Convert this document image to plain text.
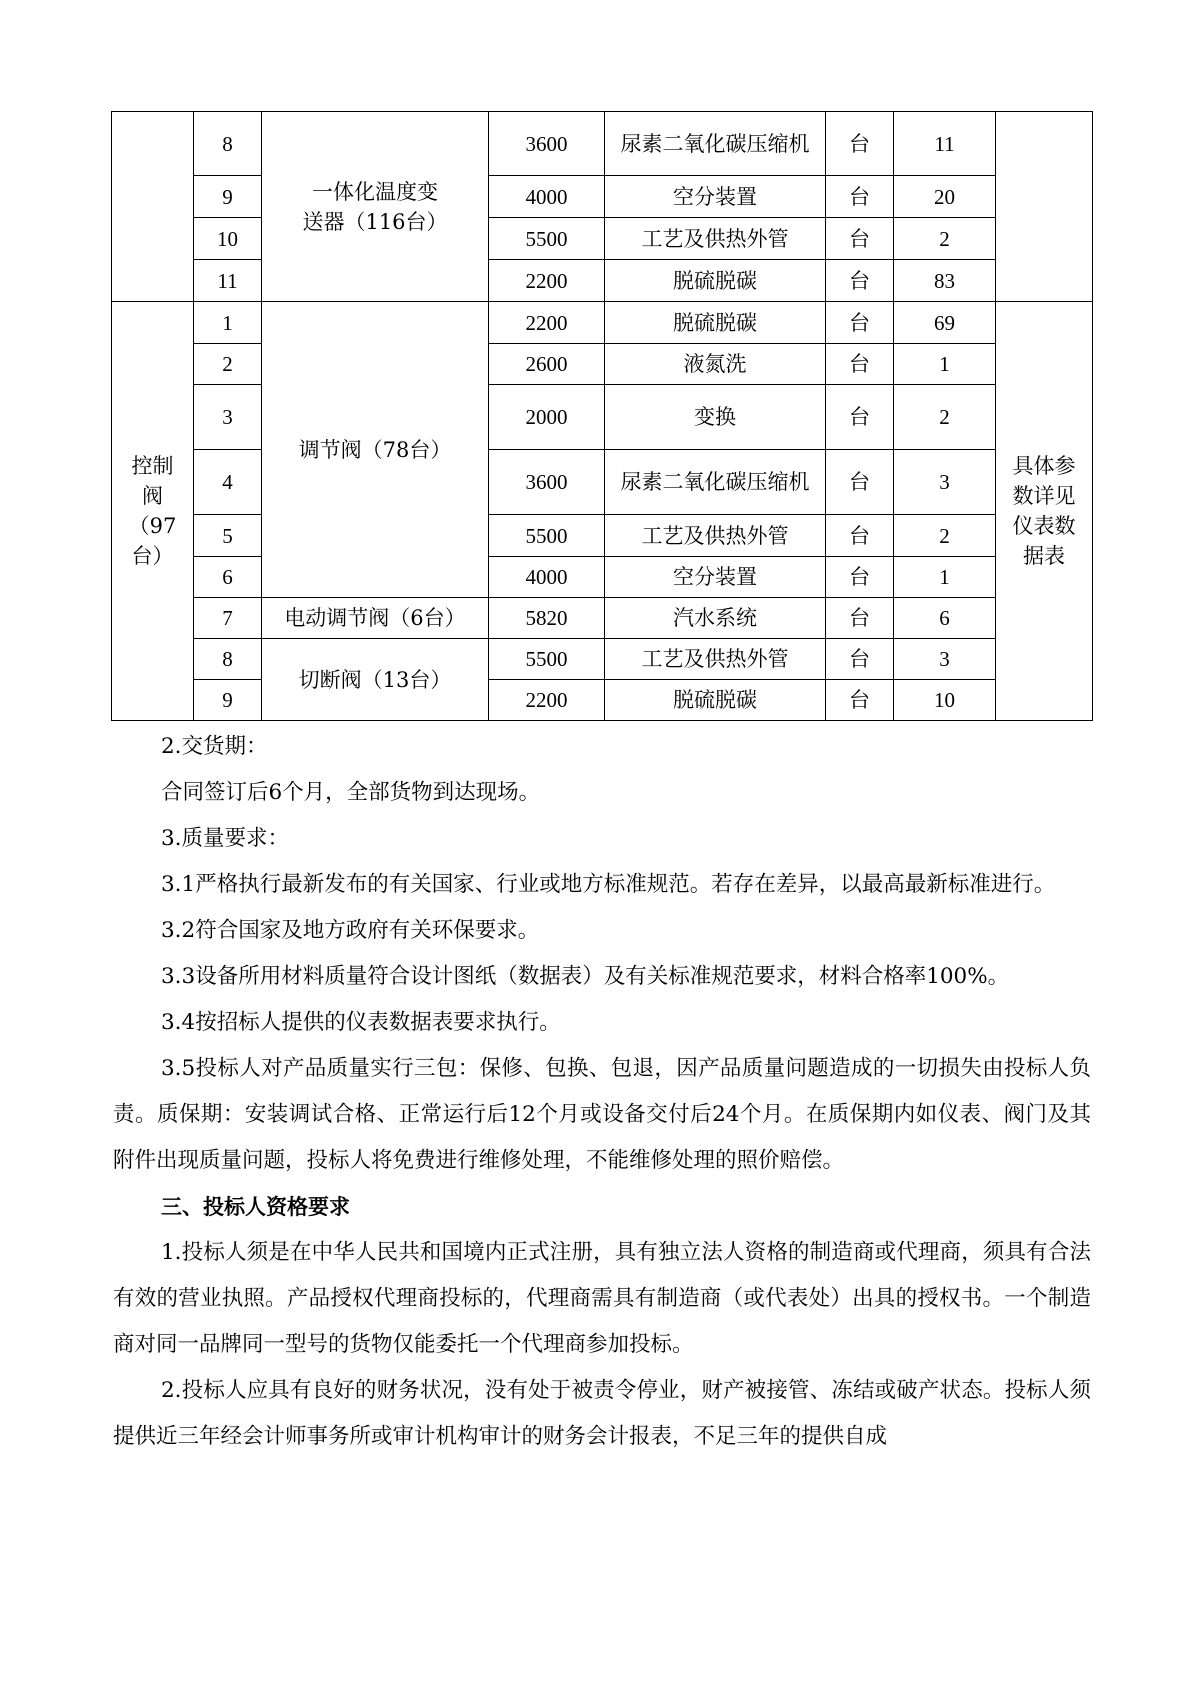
	8	一体化温度变送器（116台）	3600	尿素二氧化碳压缩机	台	11	
	9		4000	空分装置	台	20	
	10		5500	工艺及供热外管	台	2	
	11		2200	脱硫脱碳	台	83	
控制阀（97台）	1	调节阀（78台）	2200	脱硫脱碳	台	69	具体参数详见仪表数据表
	2		2600	液氮洗	台	1	
	3		2000	变换	台	2	
	4		3600	尿素二氧化碳压缩机	台	3	
	5		5500	工艺及供热外管	台	2	
	6		4000	空分装置	台	1	
	7	电动调节阀（6台）	5820	汽水系统	台	6	
	8	切断阀（13台）	5500	工艺及供热外管	台	3	
	9		2200	脱硫脱碳	台	10	

2.交货期：

合同签订后6个月，全部货物到达现场。

3.质量要求：

3.1严格执行最新发布的有关国家、行业或地方标准规范。若存在差异，以最高最新标准进行。

3.2符合国家及地方政府有关环保要求。

3.3设备所用材料质量符合设计图纸（数据表）及有关标准规范要求，材料合格率100%。

3.4按招标人提供的仪表数据表要求执行。

3.5投标人对产品质量实行三包：保修、包换、包退，因产品质量问题造成的一切损失由投标人负责。质保期：安装调试合格、正常运行后12个月或设备交付后24个月。在质保期内如仪表、阀门及其附件出现质量问题，投标人将免费进行维修处理，不能维修处理的照价赔偿。

三、投标人资格要求

1.投标人须是在中华人民共和国境内正式注册，具有独立法人资格的制造商或代理商，须具有合法有效的营业执照。产品授权代理商投标的，代理商需具有制造商（或代表处）出具的授权书。一个制造商对同一品牌同一型号的货物仅能委托一个代理商参加投标。

2.投标人应具有良好的财务状况，没有处于被责令停业，财产被接管、冻结或破产状态。投标人须提供近三年经会计师事务所或审计机构审计的财务会计报表，不足三年的提供自成
